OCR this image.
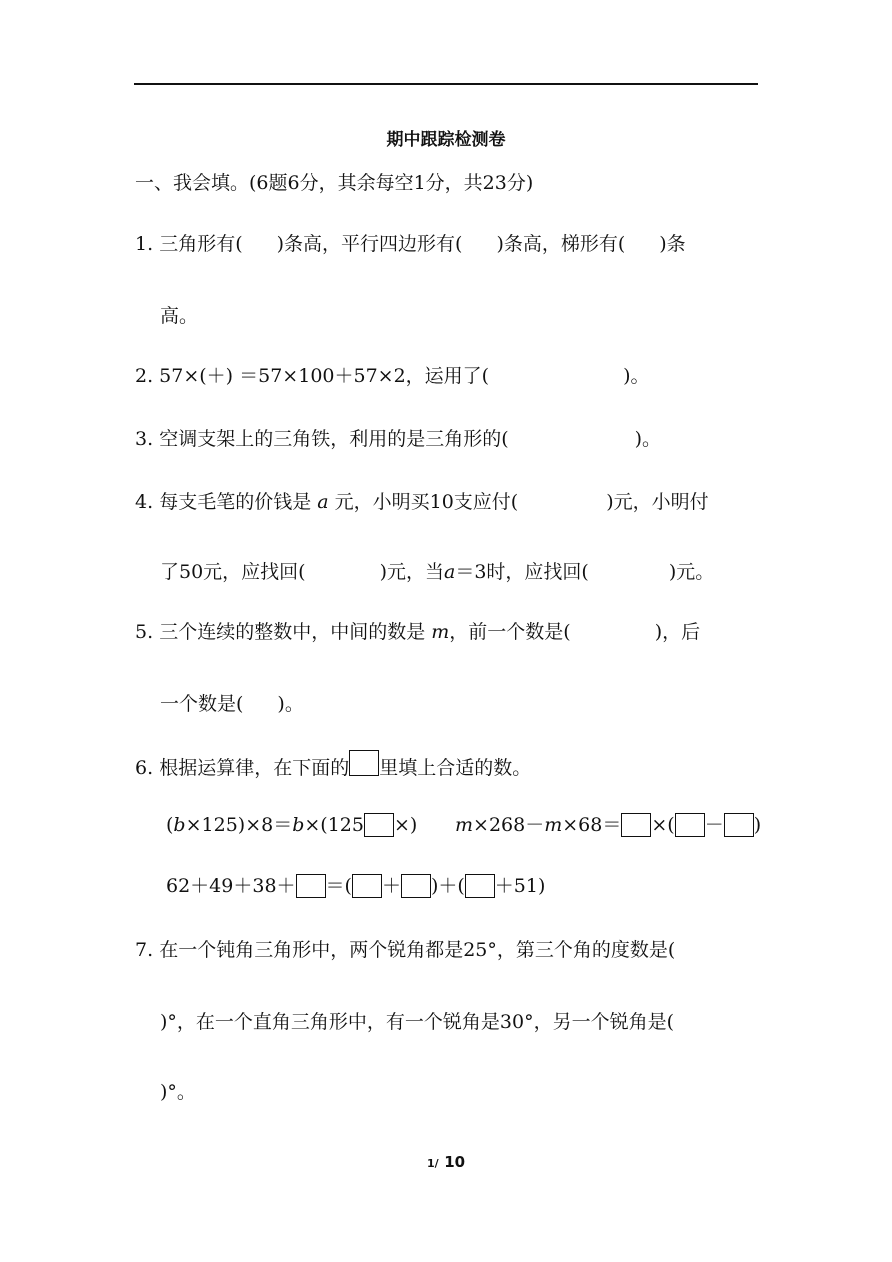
期中跟踪检测卷
一、我会填。(6题6分，其余每空1分，共23分)
1. 三角形有( )条高，平行四边形有( )条高，梯形有( )条
高。
2. 57×(＋) ＝57×100＋57×2，运用了(	)。
3. 空调支架上的三角铁，利用的是三角形的(	)。
4. 每支毛笔的价钱是 a 元，小明买10支应付(	)元，小明付
了50元，应找回(	)元，当a＝3时，应找回(	)元。
5. 三个连续的整数中，中间的数是 m，前一个数是(	)，后
一个数是( )。
6. 根据运算律，在下面的 里填上合适的数。
(b×125)×8＝b×(125 ×) m×268－m×68＝ ×( － )
62＋49＋38＋ ＝( ＋ )＋( ＋51)
7. 在一个钝角三角形中，两个锐角都是25°，第三个角的度数是(
)°，在一个直角三角形中，有一个锐角是30°，另一个锐角是(
)°。
1/ 10
